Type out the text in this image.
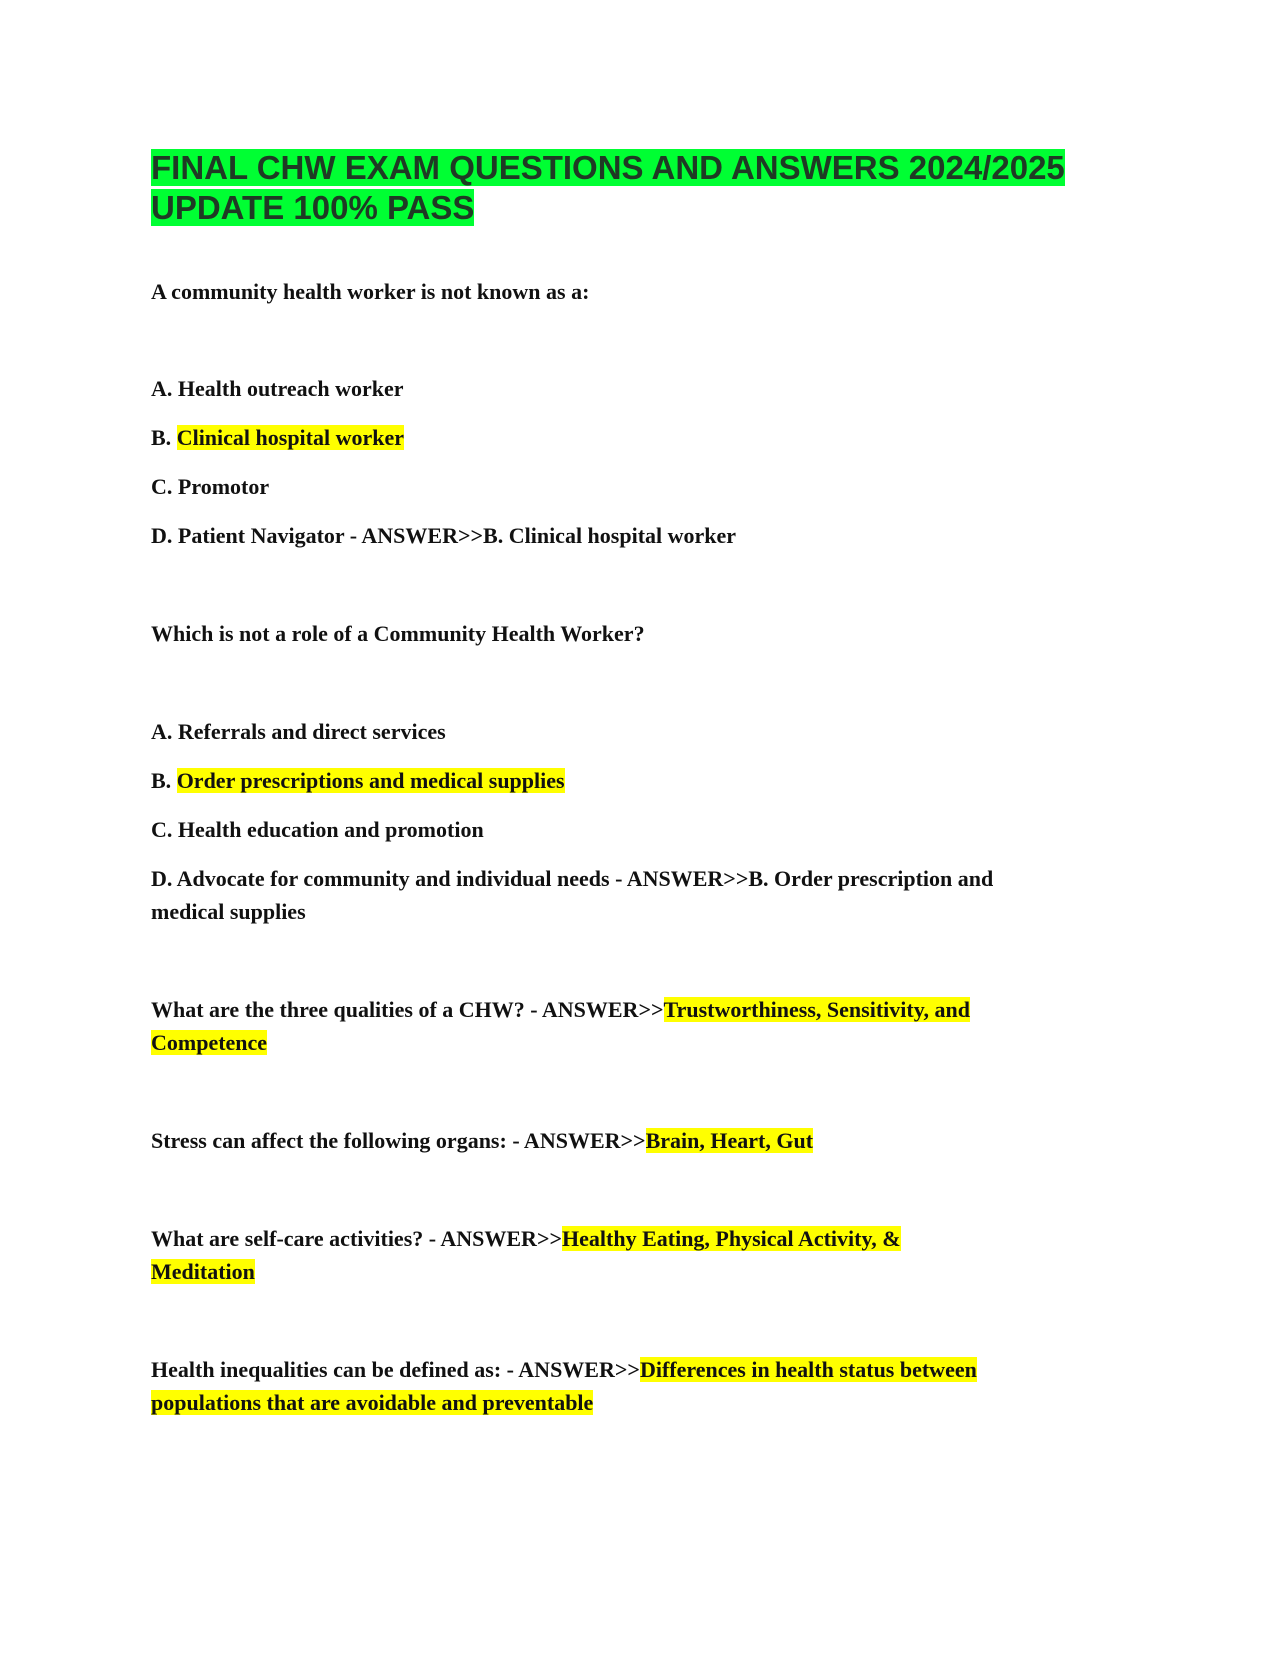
FINAL CHW EXAM QUESTIONS AND ANSWERS 2024/2025
UPDATE 100% PASS

A community health worker is not known as a:

A. Health outreach worker

B. Clinical hospital worker

C. Promotor

D. Patient Navigator - ANSWER>>B. Clinical hospital worker

Which is not a role of a Community Health Worker?

A. Referrals and direct services

B. Order prescriptions and medical supplies

C. Health education and promotion

D. Advocate for community and individual needs - ANSWER>>B. Order prescription and

medical supplies

What are the three qualities of a CHW? - ANSWER>>Trustworthiness, Sensitivity, and

Competence

Stress can affect the following organs: - ANSWER>>Brain, Heart, Gut

What are self-care activities? - ANSWER>>Healthy Eating, Physical Activity, &

Meditation

Health inequalities can be defined as: - ANSWER>>Differences in health status between

populations that are avoidable and preventable
